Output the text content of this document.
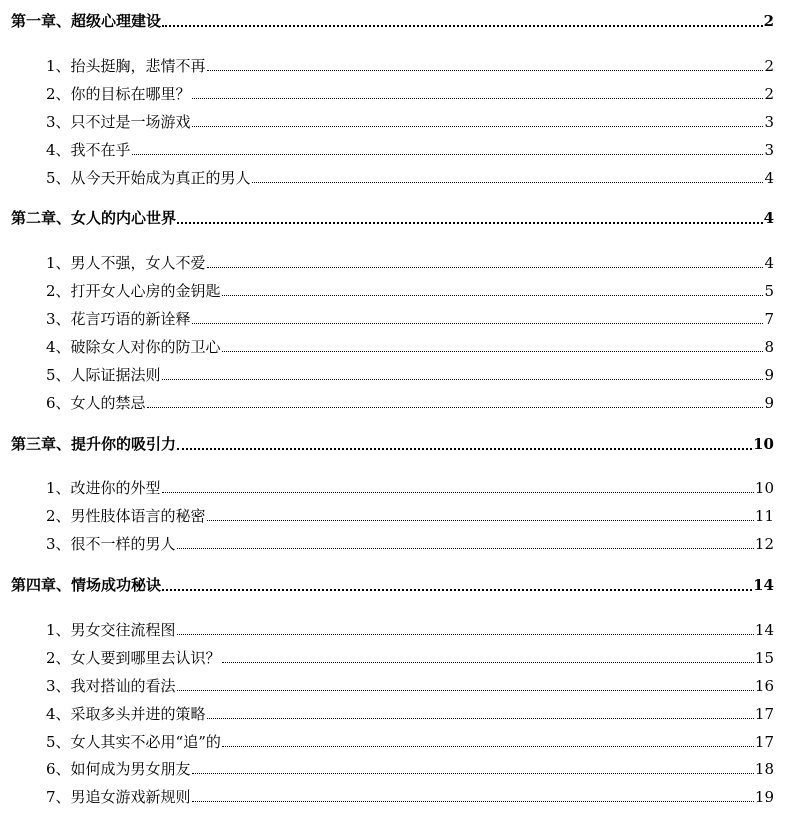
第一章、超级心理建设	2
1、抬头挺胸，悲情不再	2
2、你的目标在哪里？	2
3、只不过是一场游戏	3
4、我不在乎	3
5、从今天开始成为真正的男人	4
第二章、女人的内心世界	4
1、男人不强，女人不爱	4
2、打开女人心房的金钥匙	5
3、花言巧语的新诠释	7
4、破除女人对你的防卫心	8
5、人际证据法则	9
6、女人的禁忌	9
第三章、提升你的吸引力	10
1、改进你的外型	10
2、男性肢体语言的秘密	11
3、很不一样的男人	12
第四章、情场成功秘诀	14
1、男女交往流程图	14
2、女人要到哪里去认识？	15
3、我对搭讪的看法	16
4、采取多头并进的策略	17
5、女人其实不必用“追”的	17
6、如何成为男女朋友	18
7、男追女游戏新规则	19
